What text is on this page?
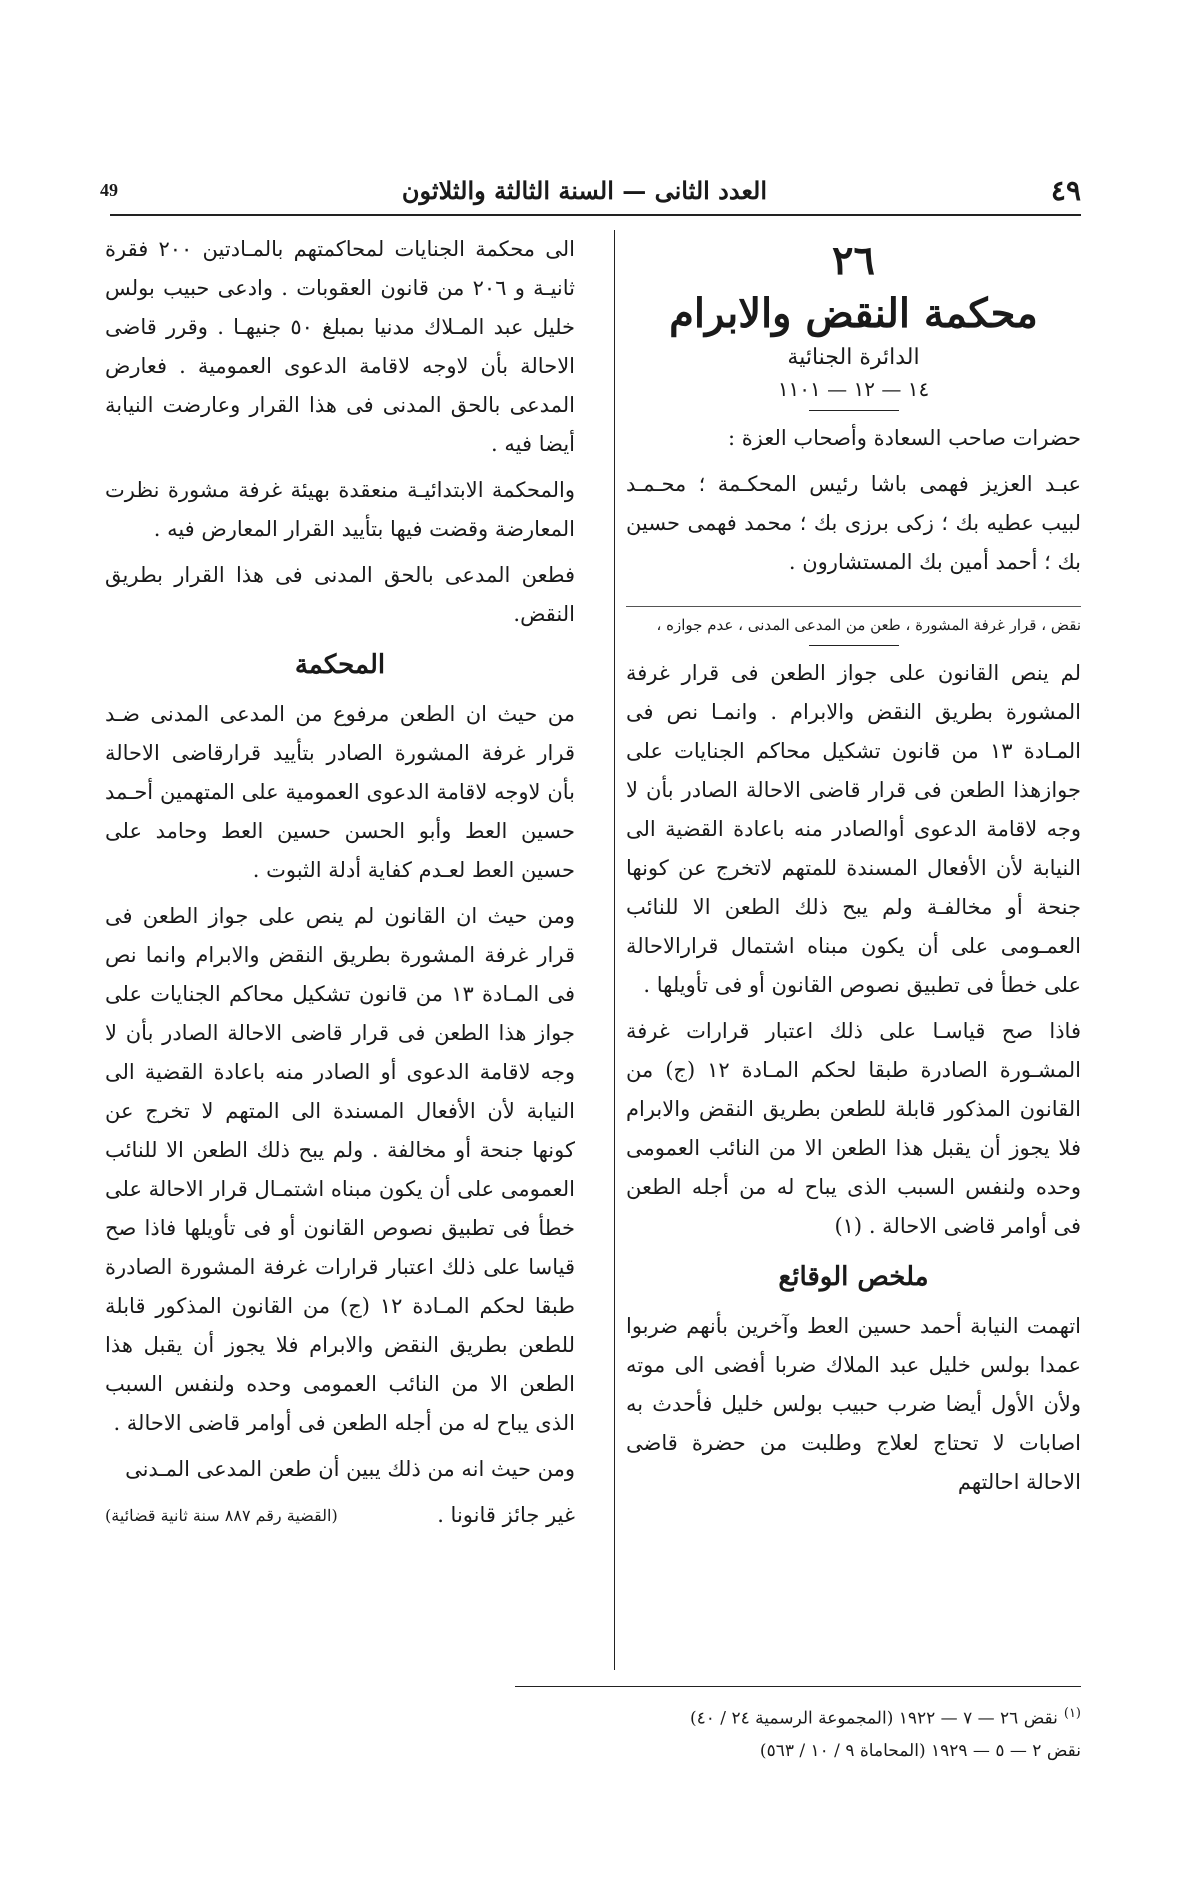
٤٩
العدد الثانى — السنة الثالثة والثلاثون
49
٢٦
محكمة النقض والابرام
الدائرة الجنائية
١٤ — ١٢ — ١١٠١

حضرات صاحب السعادة وأصحاب العزة :

عبـد العزيز فهمى باشا رئيس المحكـمة ؛ محـمـد لبيب عطيه بك ؛ زكى برزى بك ؛ محمد فهمى حسين بك ؛ أحمد أمين بك المستشارون .

نقض ، قرار غرفة المشورة ، طعن من المدعى المدنى ، عدم جوازه ،

لم ينص القانون على جواز الطعن فى قرار غرفة المشورة بطريق النقض والابرام . وانمـا نص فى المـادة ١٣ من قانون تشكيل محاكم الجنايات على جوازهذا الطعن فى قرار قاضى الاحالة الصادر بأن لا وجه لاقامة الدعوى أوالصادر منه باعادة القضية الى النيابة لأن الأفعال المسندة للمتهم لاتخرج عن كونها جنحة أو مخالفـة ولم يبح ذلك الطعن الا للنائب العمـومى على أن يكون مبناه اشتمال قرارالاحالة على خطأ فى تطبيق نصوص القانون أو فى تأويلها .

فاذا صح قياسـا على ذلك اعتبار قرارات غرفة المشـورة الصادرة طبقا لحكم المـادة ١٢ (ج) من القانون المذكور قابلة للطعن بطريق النقض والابرام فلا يجوز أن يقبل هذا الطعن الا من النائب العمومى وحده ولنفس السبب الذى يباح له من أجله الطعن فى أوامر قاضى الاحالة . (١)

ملخص الوقائع

اتهمت النيابة أحمد حسين العط وآخرين بأنهم ضربوا عمدا بولس خليل عبد الملاك ضربا أفضى الى موته ولأن الأول أيضا ضرب حبيب بولس خليل فأحدث به اصابات لا تحتاج لعلاج وطلبت من حضرة قاضى الاحالة احالتهم

الى محكمة الجنايات لمحاكمتهم بالمـادتين ٢٠٠ فقرة ثانيـة و ٢٠٦ من قانون العقوبات . وادعى حبيب بولس خليل عبد المـلاك مدنيا بمبلغ ٥٠ جنيهـا . وقرر قاضى الاحالة بأن لاوجه لاقامة الدعوى العمومية . فعارض المدعى بالحق المدنى فى هذا القرار وعارضت النيابة أيضا فيه .

والمحكمة الابتدائيـة منعقدة بهيئة غرفة مشورة نظرت المعارضة وقضت فيها بتأييد القرار المعارض فيه .

فطعن المدعى بالحق المدنى فى هذا القرار بطريق النقض.

المحكمة

من حيث ان الطعن مرفوع من المدعى المدنى ضـد قرار غرفة المشورة الصادر بتأييد قرارقاضى الاحالة بأن لاوجه لاقامة الدعوى العمومية على المتهمين أحـمد حسين العط وأبو الحسن حسين العط وحامد على حسين العط لعـدم كفاية أدلة الثبوت .

ومن حيث ان القانون لم ينص على جواز الطعن فى قرار غرفة المشورة بطريق النقض والابرام وانما نص فى المـادة ١٣ من قانون تشكيل محاكم الجنايات على جواز هذا الطعن فى قرار قاضى الاحالة الصادر بأن لا وجه لاقامة الدعوى أو الصادر منه باعادة القضية الى النيابة لأن الأفعال المسندة الى المتهم لا تخرج عن كونها جنحة أو مخالفة . ولم يبح ذلك الطعن الا للنائب العمومى على أن يكون مبناه اشتمـال قرار الاحالة على خطأ فى تطبيق نصوص القانون أو فى تأويلها فاذا صح قياسا على ذلك اعتبار قرارات غرفة المشورة الصادرة طبقا لحكم المـادة ١٢ (ج) من القانون المذكور قابلة للطعن بطريق النقض والابرام فلا يجوز أن يقبل هذا الطعن الا من النائب العمومى وحده ولنفس السبب الذى يباح له من أجله الطعن فى أوامر قاضى الاحالة .

ومن حيث انه من ذلك يبين أن طعن المدعى المـدنى

غير جائز قانونا .
(القضية رقم ٨٨٧ سنة ثانية قضائية)
$^{(١)}$نقض ٢٦ — ٧ — ١٩٢٢ (المجموعة الرسمية ٢٤ / ٤٠)
نقض ٢ — ٥ — ١٩٢٩ (المحاماة ٩ / ١٠ / ٥٦٣)
